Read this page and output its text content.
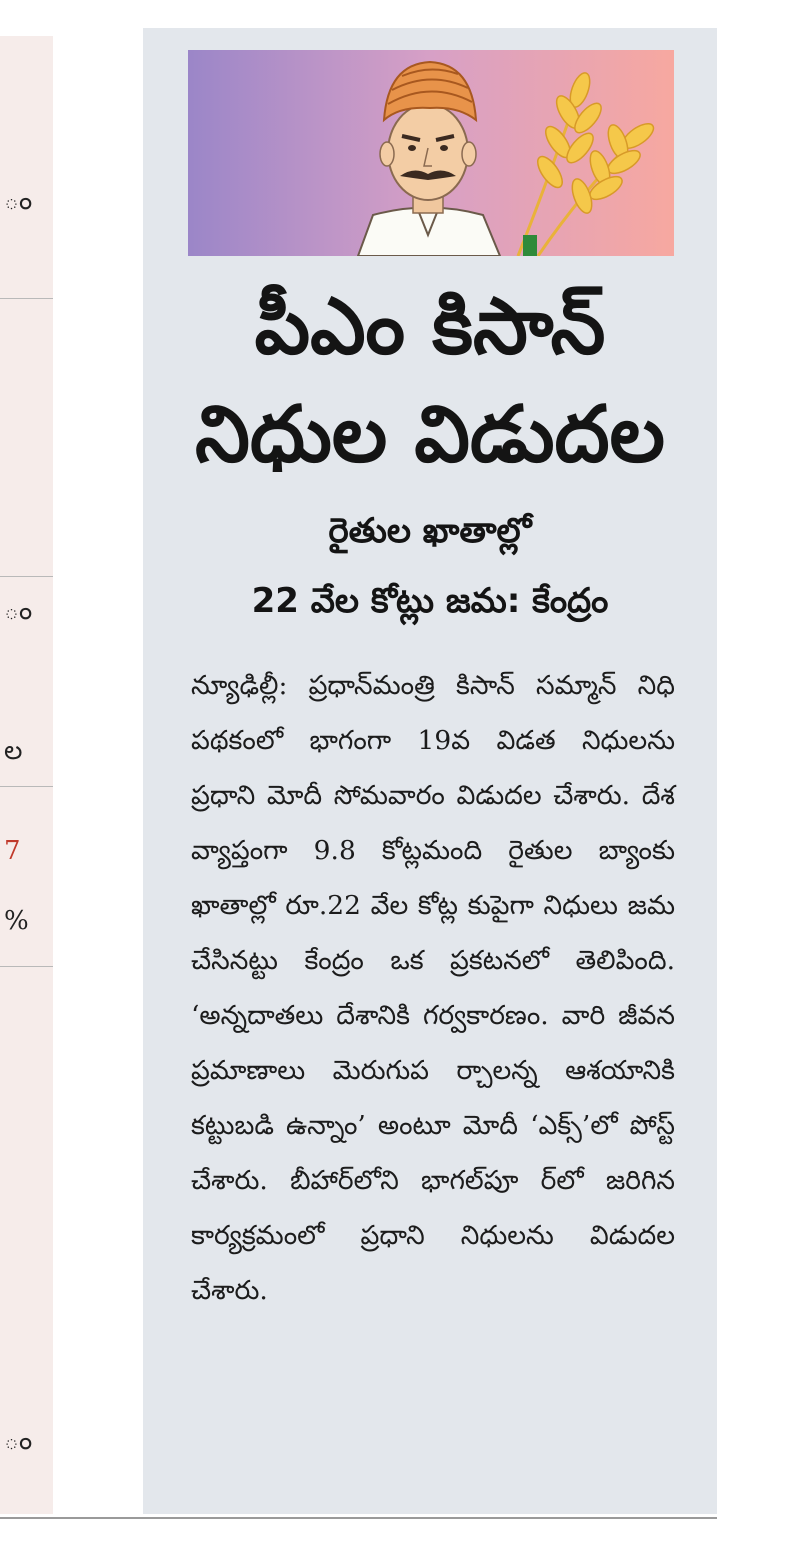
ం
ం
ల
7
%
ం
పీఎం కిసాన్
నిధుల విడుదల
రైతుల ఖాతాల్లో
22 వేల కోట్లు జమ: కేంద్రం

న్యూఢిల్లీ: ప్రధాన్‌మంత్రి కిసాన్ సమ్మాన్ నిధి పథకంలో భాగంగా 19వ విడత నిధులను ప్రధాని మోదీ సోమవారం విడుదల చేశారు. దేశ వ్యాప్తంగా 9.8 కోట్లమంది రైతుల బ్యాంకు ఖాతాల్లో రూ.22 వేల కోట్ల కుపైగా నిధులు జమ చేసినట్టు కేంద్రం ఒక ప్రకటనలో తెలిపింది. ‘అన్నదాతలు దేశానికి గర్వకారణం. వారి జీవన ప్రమాణాలు మెరుగుప ర్చాలన్న ఆశయానికి కట్టుబడి ఉన్నాం’ అంటూ మోదీ ‘ఎక్స్’లో పోస్ట్ చేశారు. బీహార్‌లోని భాగల్‌పూ ర్‌లో జరిగిన కార్యక్రమంలో ప్రధాని నిధులను విడుదల చేశారు.
